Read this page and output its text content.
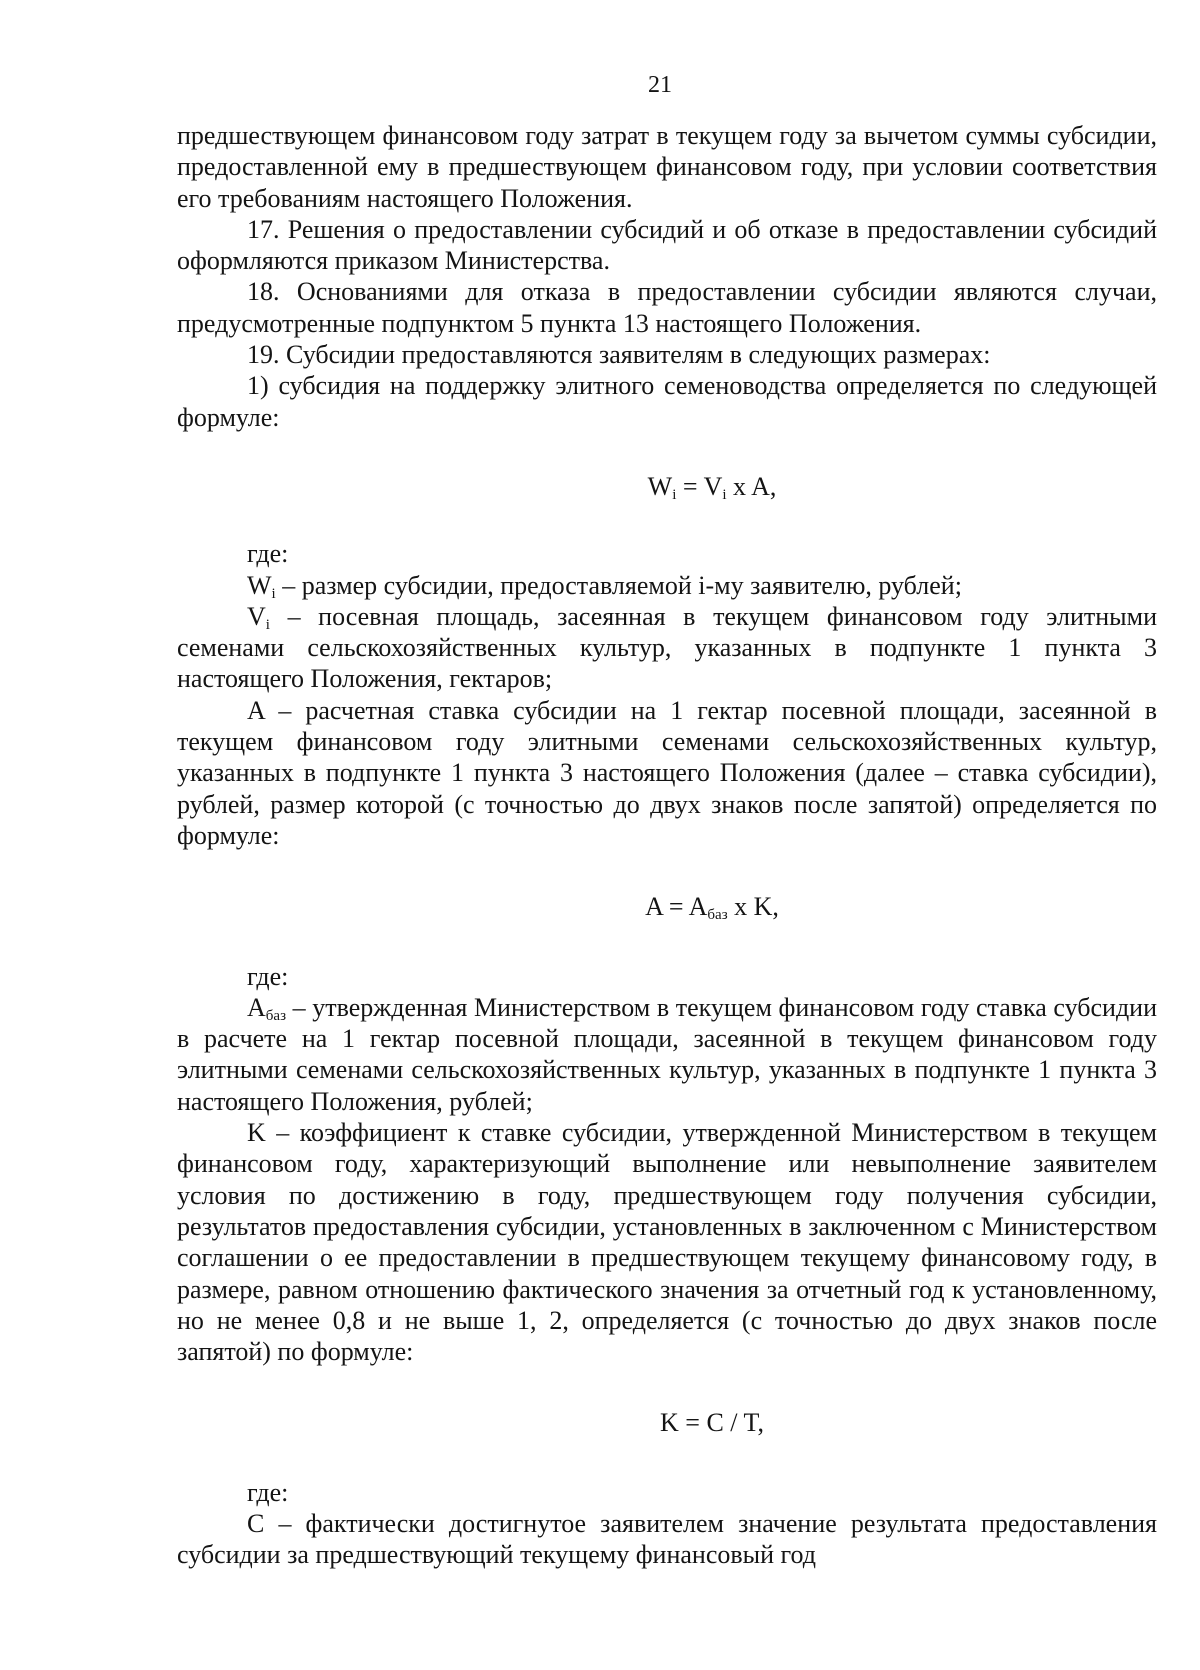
21

предшествующем финансовом году затрат в текущем году за вычетом суммы субсидии, предоставленной ему в предшествующем финансовом году, при условии соответствия его требованиям настоящего Положения.

17. Решения о предоставлении субсидий и об отказе в предоставлении субсидий оформляются приказом Министерства.

18. Основаниями для отказа в предоставлении субсидии являются случаи, предусмотренные подпунктом 5 пункта 13 настоящего Положения.

19. Субсидии предоставляются заявителям в следующих размерах:

1) субсидия на поддержку элитного семеноводства определяется по следующей формуле:

$W_i = V_i$ x A,

где:

$W_i$ – размер субсидии, предоставляемой i-му заявителю, рублей;

$V_i$ – посевная площадь, засеянная в текущем финансовом году элитными семенами сельскохозяйственных культур, указанных в подпункте 1 пункта 3 настоящего Положения, гектаров;

A – расчетная ставка субсидии на 1 гектар посевной площади, засеянной в текущем финансовом году элитными семенами сельскохозяйственных культур, указанных в подпункте 1 пункта 3 настоящего Положения (далее – ставка субсидии), рублей, размер которой (с точностью до двух знаков после запятой) определяется по формуле:

$A = A_{баз}$ x K,

где:

$A_{баз}$ – утвержденная Министерством в текущем финансовом году ставка субсидии в расчете на 1 гектар посевной площади, засеянной в текущем финансовом году элитными семенами сельскохозяйственных культур, указанных в подпункте 1 пункта 3 настоящего Положения, рублей;

K – коэффициент к ставке субсидии, утвержденной Министерством в текущем финансовом году, характеризующий выполнение или невыполнение заявителем условия по достижению в году, предшествующем году получения субсидии, результатов предоставления субсидии, установленных в заключенном с Министерством соглашении о ее предоставлении в предшествующем текущему финансовому году, в размере, равном отношению фактического значения за отчетный год к установленному, но не менее 0,8 и не выше 1, 2, определяется (с точностью до двух знаков после запятой) по формуле:

K = C / T,

где:

C – фактически достигнутое заявителем значение результата предоставления субсидии за предшествующий текущему финансовый год
